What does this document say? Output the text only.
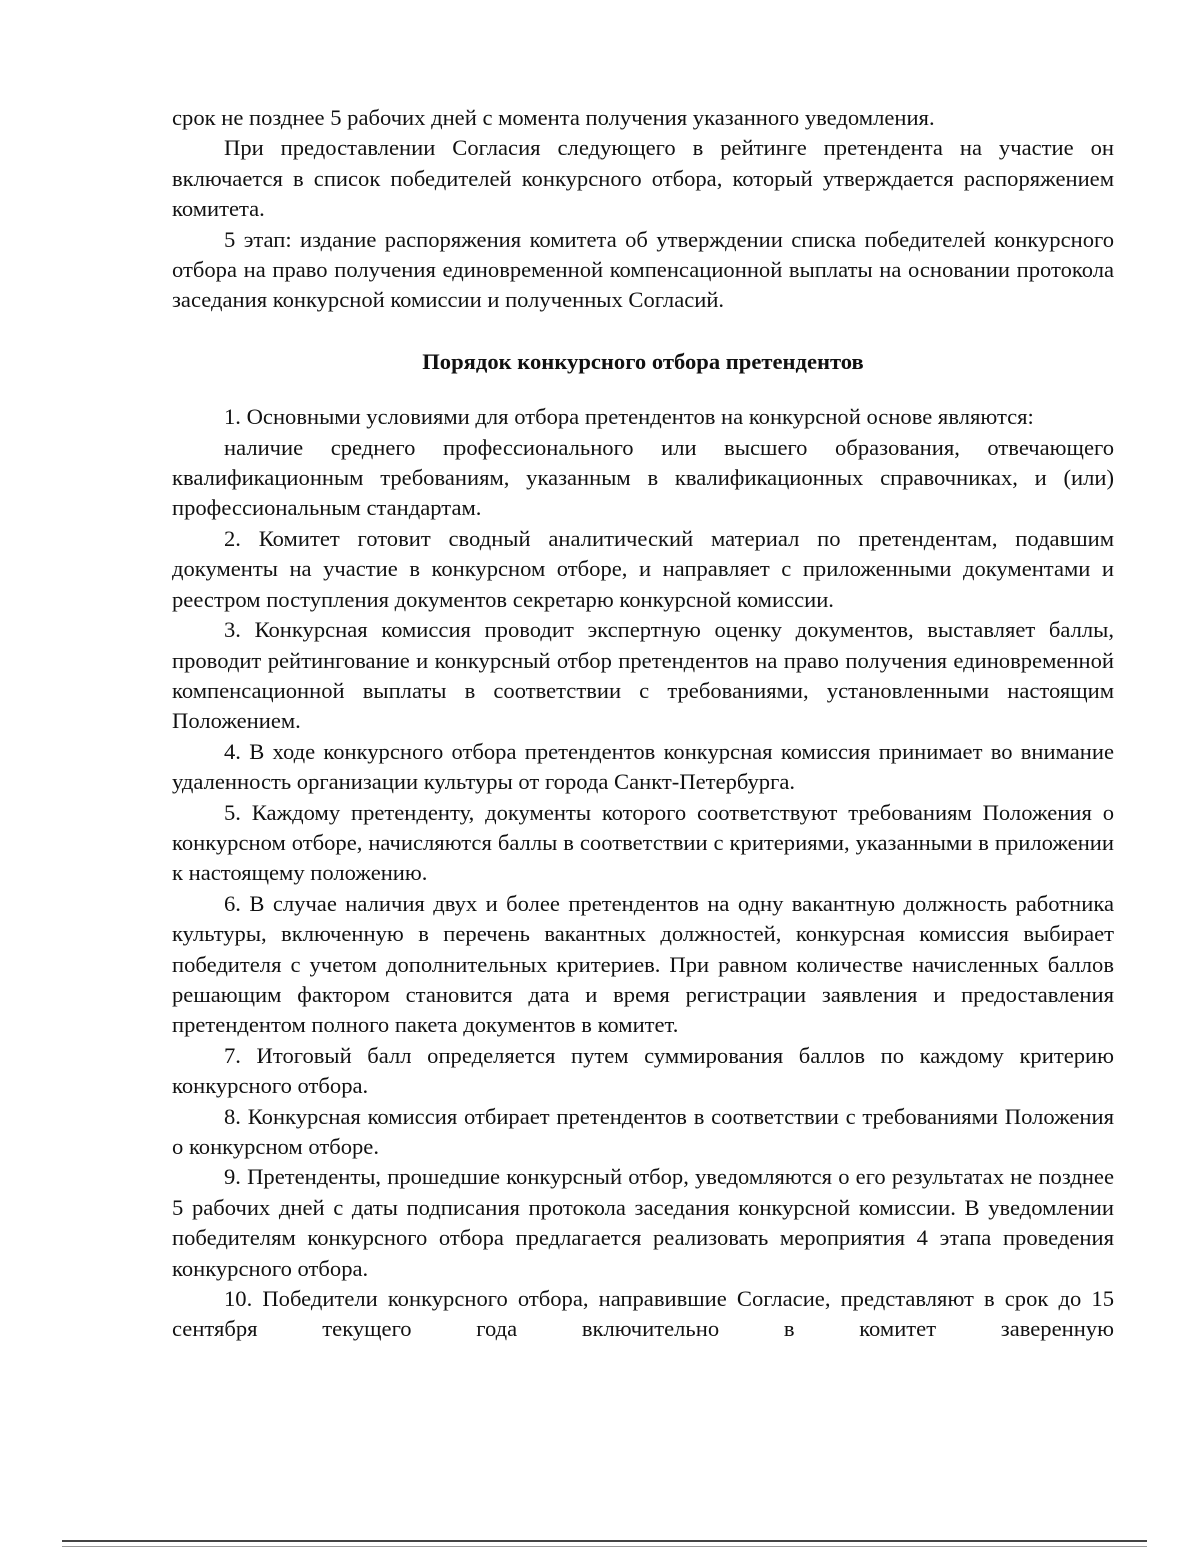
срок не позднее 5 рабочих дней с момента получения указанного уведомления.

При предоставлении Согласия следующего в рейтинге претендента на участие он включается в список победителей конкурсного отбора, который утверждается распоряжением комитета.

5 этап: издание распоряжения комитета об утверждении списка победителей конкурсного отбора на право получения единовременной компенсационной выплаты на основании протокола заседания конкурсной комиссии и полученных Согласий.

Порядок конкурсного отбора претендентов

1. Основными условиями для отбора претендентов на конкурсной основе являются:

наличие среднего профессионального или высшего образования, отвечающего квалификационным требованиям, указанным в квалификационных справочниках, и (или) профессиональным стандартам.

2. Комитет готовит сводный аналитический материал по претендентам, подавшим документы на участие в конкурсном отборе, и направляет с приложенными документами и реестром поступления документов секретарю конкурсной комиссии.

3. Конкурсная комиссия проводит экспертную оценку документов, выставляет баллы, проводит рейтингование и конкурсный отбор претендентов на право получения единовременной компенсационной выплаты в соответствии с требованиями, установленными настоящим Положением.

4. В ходе конкурсного отбора претендентов конкурсная комиссия принимает во внимание удаленность организации культуры от города Санкт-Петербурга.

5. Каждому претенденту, документы которого соответствуют требованиям Положения о конкурсном отборе, начисляются баллы в соответствии с критериями, указанными в приложении к настоящему положению.

6. В случае наличия двух и более претендентов на одну вакантную должность работника культуры, включенную в перечень вакантных должностей, конкурсная комиссия выбирает победителя с учетом дополнительных критериев. При равном количестве начисленных баллов решающим фактором становится дата и время регистрации заявления и предоставления претендентом полного пакета документов в комитет.

7. Итоговый балл определяется путем суммирования баллов по каждому критерию конкурсного отбора.

8. Конкурсная комиссия отбирает претендентов в соответствии с требованиями Положения о конкурсном отборе.

9. Претенденты, прошедшие конкурсный отбор, уведомляются о его результатах не позднее 5 рабочих дней с даты подписания протокола заседания конкурсной комиссии. В уведомлении победителям конкурсного отбора предлагается реализовать мероприятия 4 этапа проведения конкурсного отбора.

10. Победители конкурсного отбора, направившие Согласие, представляют в срок до 15 сентября текущего года включительно в комитет заверенную
